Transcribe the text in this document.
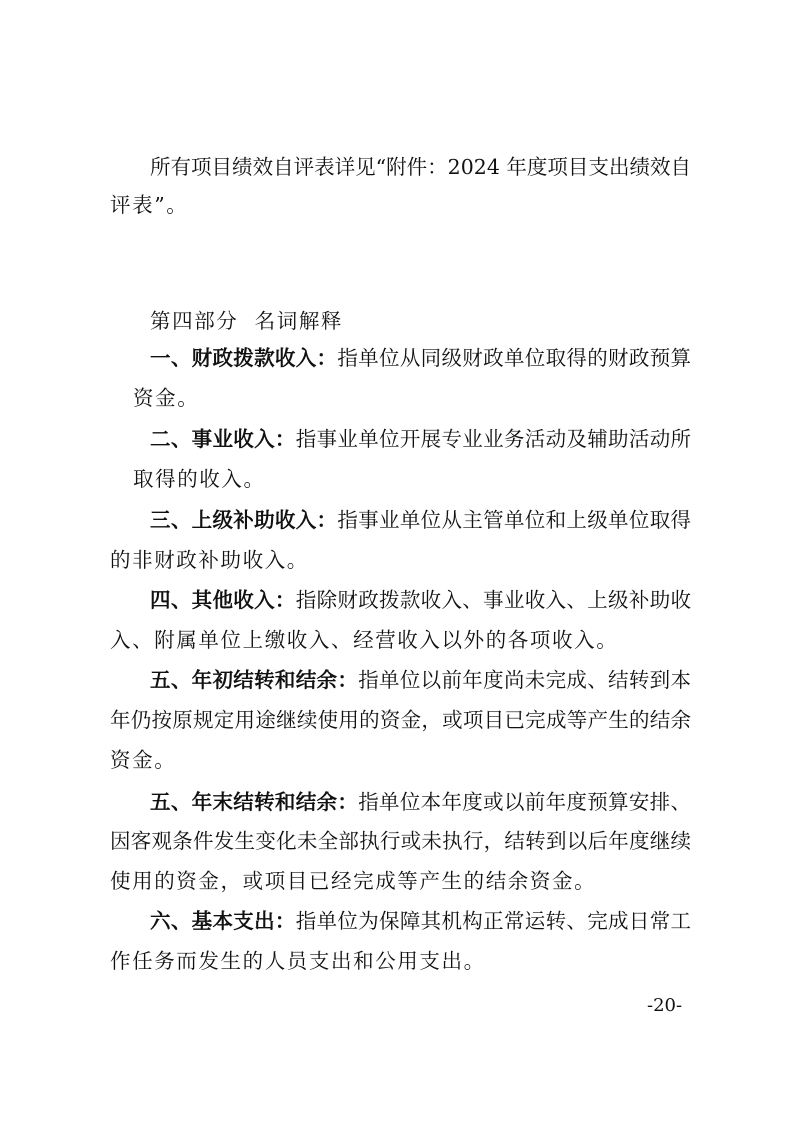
所有项目绩效自评表详见“附件：2024 年度项目支出绩效自
评表”。
第四部分  名词解释
一、财政拨款收入：指单位从同级财政单位取得的财政预算
资金。
二、事业收入：指事业单位开展专业业务活动及辅助活动所
取得的收入。
三、上级补助收入：指事业单位从主管单位和上级单位取得
的非财政补助收入。
四、其他收入：指除财政拨款收入、事业收入、上级补助收
入、附属单位上缴收入、经营收入以外的各项收入。
五、年初结转和结余：指单位以前年度尚未完成、结转到本
年仍按原规定用途继续使用的资金，或项目已完成等产生的结余
资金。
五、年末结转和结余：指单位本年度或以前年度预算安排、
因客观条件发生变化未全部执行或未执行，结转到以后年度继续
使用的资金，或项目已经完成等产生的结余资金。
六、基本支出：指单位为保障其机构正常运转、完成日常工
作任务而发生的人员支出和公用支出。
-20-
